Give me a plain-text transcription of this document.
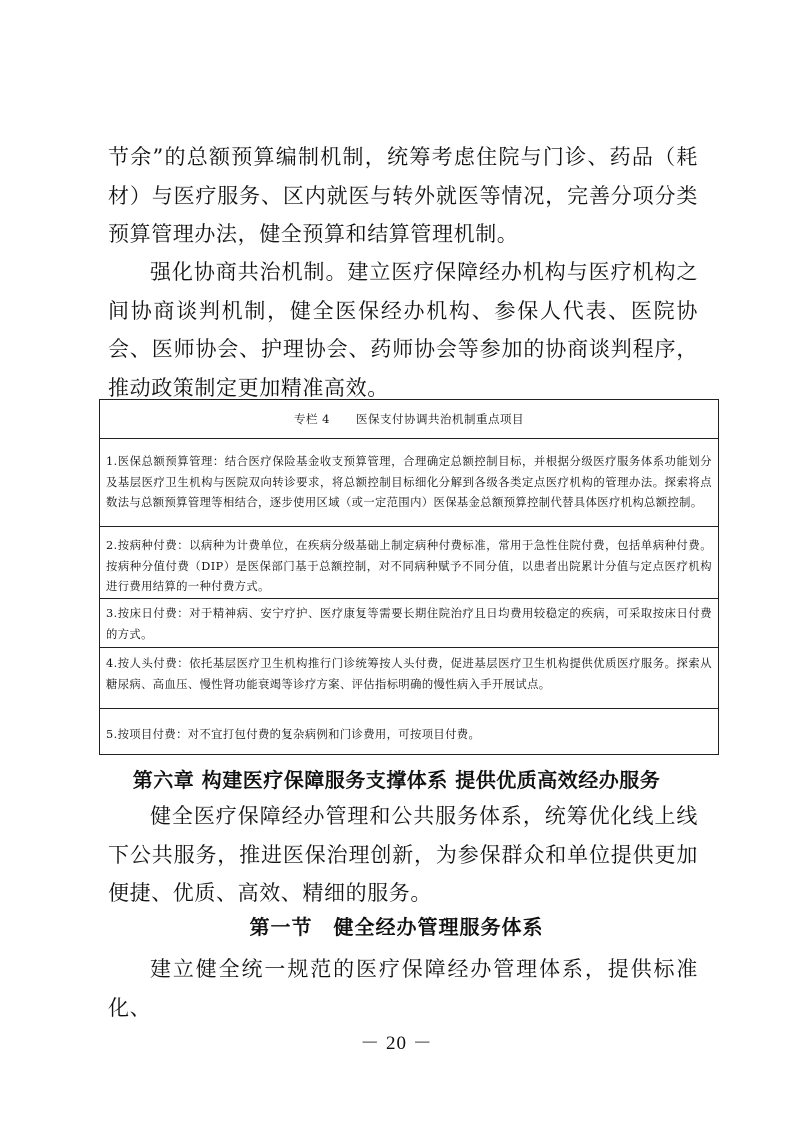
节余”的总额预算编制机制，统筹考虑住院与门诊、药品（耗材）与医疗服务、区内就医与转外就医等情况，完善分项分类预算管理办法，健全预算和结算管理机制。

强化协商共治机制。建立医疗保障经办机构与医疗机构之间协商谈判机制，健全医保经办机构、参保人代表、医院协会、医师协会、护理协会、药师协会等参加的协商谈判程序，推动政策制定更加精准高效。

专栏 4 医保支付协调共治机制重点项目

1.医保总额预算管理：结合医疗保险基金收支预算管理，合理确定总额控制目标，并根据分级医疗服务体系功能划分及基层医疗卫生机构与医院双向转诊要求，将总额控制目标细化分解到各级各类定点医疗机构的管理办法。探索将点数法与总额预算管理等相结合，逐步使用区域（或一定范围内）医保基金总额预算控制代替具体医疗机构总额控制。

2.按病种付费：以病种为计费单位，在疾病分级基础上制定病种付费标准，常用于急性住院付费，包括单病种付费。按病种分值付费（DIP）是医保部门基于总额控制，对不同病种赋予不同分值，以患者出院累计分值与定点医疗机构进行费用结算的一种付费方式。

3.按床日付费：对于精神病、安宁疗护、医疗康复等需要长期住院治疗且日均费用较稳定的疾病，可采取按床日付费的方式。

4.按人头付费：依托基层医疗卫生机构推行门诊统筹按人头付费，促进基层医疗卫生机构提供优质医疗服务。探索从糖尿病、高血压、慢性肾功能衰竭等诊疗方案、评估指标明确的慢性病入手开展试点。

5.按项目付费：对不宜打包付费的复杂病例和门诊费用，可按项目付费。

第六章 构建医疗保障服务支撑体系 提供优质高效经办服务

健全医疗保障经办管理和公共服务体系，统筹优化线上线下公共服务，推进医保治理创新，为参保群众和单位提供更加便捷、优质、高效、精细的服务。

第一节　健全经办管理服务体系

建立健全统一规范的医疗保障经办管理体系，提供标准化、

－ 20 －
